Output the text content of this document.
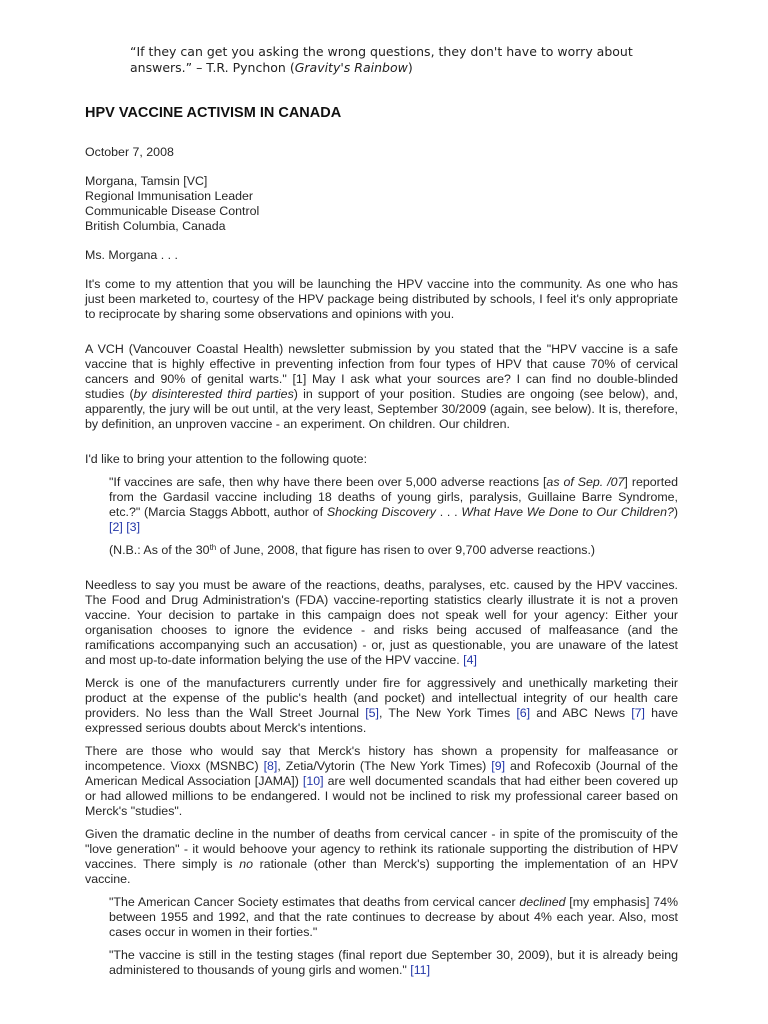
“If they can get you asking the wrong questions, they don't have to worry about answers.” – T.R. Pynchon (Gravity's Rainbow)
HPV VACCINE ACTIVISM IN CANADA

October 7, 2008

Morgana, Tamsin [VC]
Regional Immunisation Leader
Communicable Disease Control
British Columbia, Canada

Ms. Morgana . . .

It's come to my attention that you will be launching the HPV vaccine into the community. As one who has just been marketed to, courtesy of the HPV package being distributed by schools, I feel it's only appropriate to reciprocate by sharing some observations and opinions with you.

A VCH (Vancouver Coastal Health) newsletter submission by you stated that the "HPV vaccine is a safe vaccine that is highly effective in preventing infection from four types of HPV that cause 70% of cervical cancers and 90% of genital warts." [1] May I ask what your sources are? I can find no double-blinded studies (by disinterested third parties) in support of your position. Studies are ongoing (see below), and, apparently, the jury will be out until, at the very least, September 30/2009 (again, see below). It is, therefore, by definition, an unproven vaccine - an experiment. On children. Our children.

I'd like to bring your attention to the following quote:

"If vaccines are safe, then why have there been over 5,000 adverse reactions [as of Sep. /07] reported from the Gardasil vaccine including 18 deaths of young girls, paralysis, Guillaine Barre Syndrome, etc.?" (Marcia Staggs Abbott, author of Shocking Discovery . . . What Have We Done to Our Children?) [2] [3]

(N.B.: As of the 30th of June, 2008, that figure has risen to over 9,700 adverse reactions.)

Needless to say you must be aware of the reactions, deaths, paralyses, etc. caused by the HPV vaccines. The Food and Drug Administration's (FDA) vaccine-reporting statistics clearly illustrate it is not a proven vaccine. Your decision to partake in this campaign does not speak well for your agency: Either your organisation chooses to ignore the evidence - and risks being accused of malfeasance (and the ramifications accompanying such an accusation) - or, just as questionable, you are unaware of the latest and most up-to-date information belying the use of the HPV vaccine. [4]

Merck is one of the manufacturers currently under fire for aggressively and unethically marketing their product at the expense of the public's health (and pocket) and intellectual integrity of our health care providers. No less than the Wall Street Journal [5], The New York Times [6] and ABC News [7] have expressed serious doubts about Merck's intentions.

There are those who would say that Merck's history has shown a propensity for malfeasance or incompetence. Vioxx (MSNBC) [8], Zetia/Vytorin (The New York Times) [9] and Rofecoxib (Journal of the American Medical Association [JAMA]) [10] are well documented scandals that had either been covered up or had allowed millions to be endangered. I would not be inclined to risk my professional career based on Merck's "studies".

Given the dramatic decline in the number of deaths from cervical cancer - in spite of the promiscuity of the "love generation" - it would behoove your agency to rethink its rationale supporting the distribution of HPV vaccines. There simply is no rationale (other than Merck's) supporting the implementation of an HPV vaccine.

"The American Cancer Society estimates that deaths from cervical cancer declined [my emphasis] 74% between 1955 and 1992, and that the rate continues to decrease by about 4% each year. Also, most cases occur in women in their forties."

"The vaccine is still in the testing stages (final report due September 30, 2009), but it is already being administered to thousands of young girls and women." [11]
